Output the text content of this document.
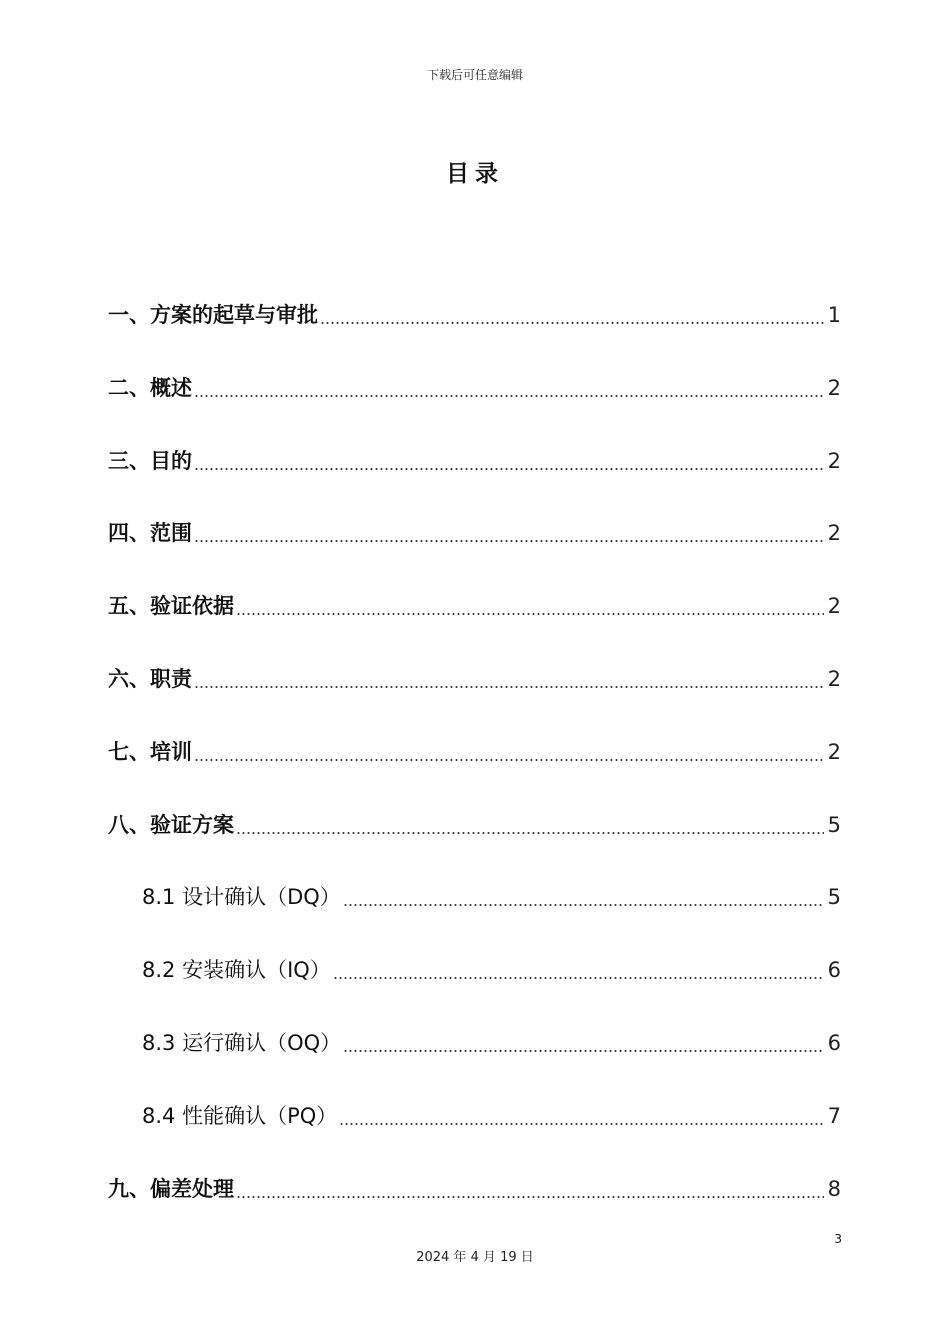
下载后可任意编辑
目录
一、方案的起草与审批	1
二、概述	2
三、目的	2
四、范围	2
五、验证依据	2
六、职责	2
七、培训	2
八、验证方案	5
8.1 设计确认（DQ）	5
8.2 安装确认（IQ）	6
8.3 运行确认（OQ）	6
8.4 性能确认（PQ）	7
九、偏差处理	8
3
2024 年 4 月 19 日
